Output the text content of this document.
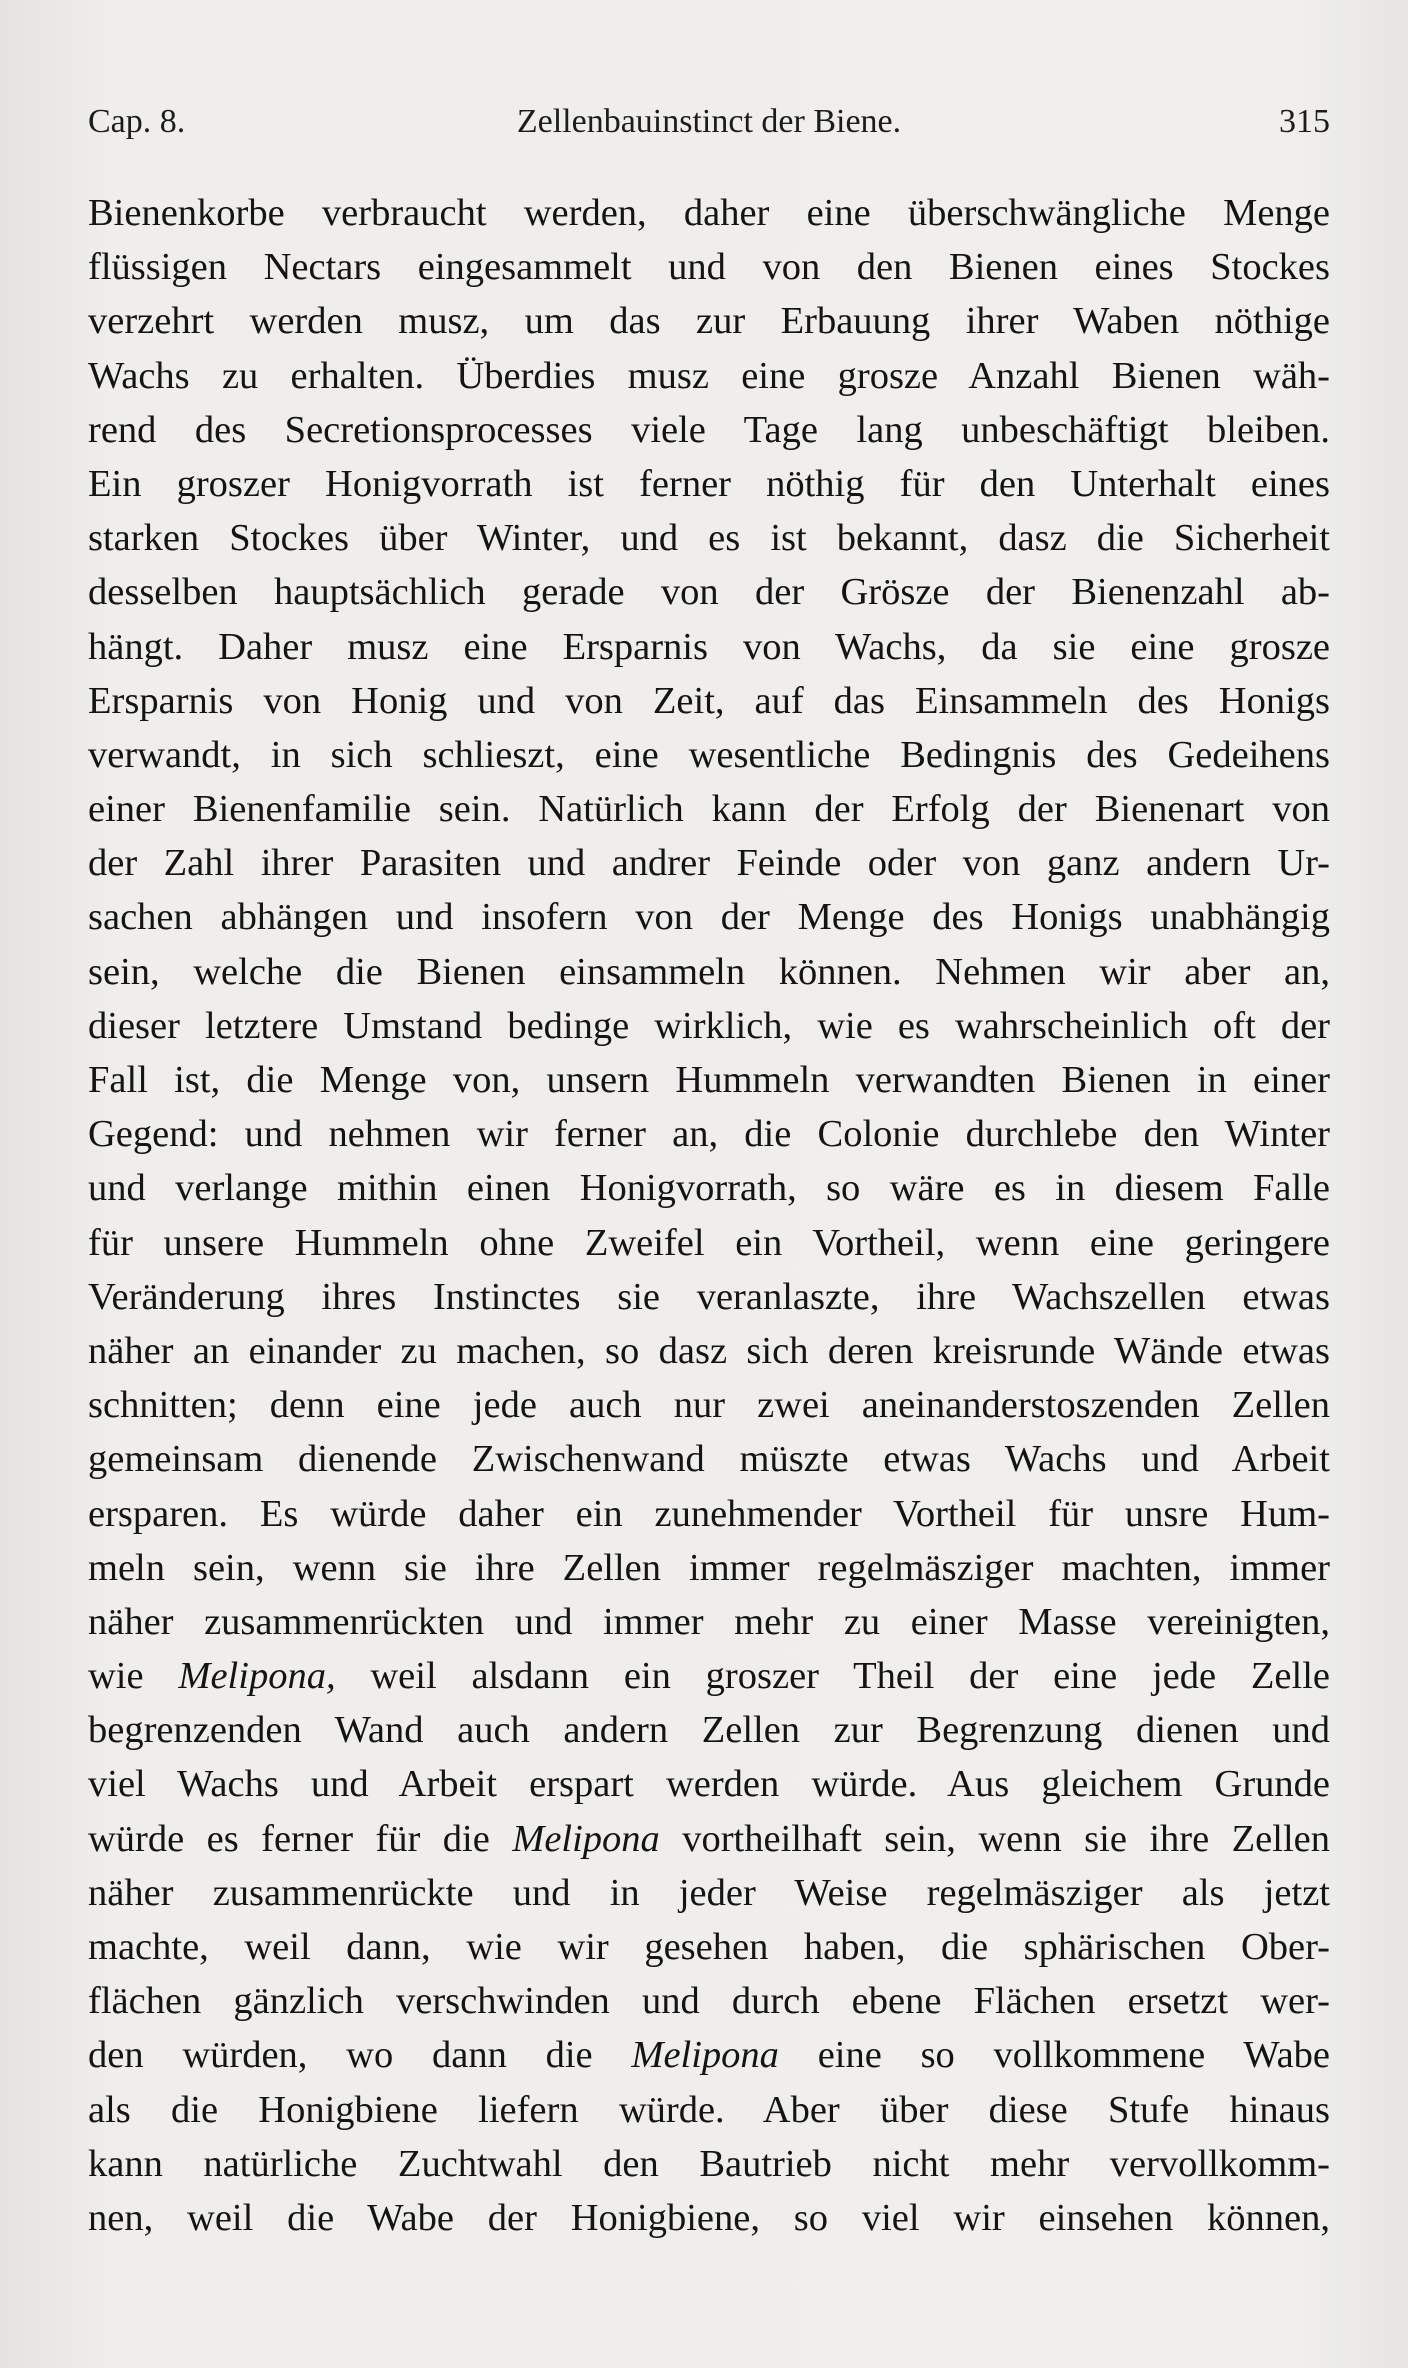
Cap. 8.	Zellenbauinstinct der Biene.	315
Bienenkorbe verbraucht werden, daher eine überschwängliche Menge
flüssigen Nectars eingesammelt und von den Bienen eines Stockes
verzehrt werden musz, um das zur Erbauung ihrer Waben nöthige
Wachs zu erhalten. Überdies musz eine grosze Anzahl Bienen wäh-
rend des Secretionsprocesses viele Tage lang unbeschäftigt bleiben.
Ein groszer Honigvorrath ist ferner nöthig für den Unterhalt eines
starken Stockes über Winter, und es ist bekannt, dasz die Sicherheit
desselben hauptsächlich gerade von der Grösze der Bienenzahl ab-
hängt. Daher musz eine Ersparnis von Wachs, da sie eine grosze
Ersparnis von Honig und von Zeit, auf das Einsammeln des Honigs
verwandt, in sich schlieszt, eine wesentliche Bedingnis des Gedeihens
einer Bienenfamilie sein. Natürlich kann der Erfolg der Bienenart von
der Zahl ihrer Parasiten und andrer Feinde oder von ganz andern Ur-
sachen abhängen und insofern von der Menge des Honigs unabhängig
sein, welche die Bienen einsammeln können. Nehmen wir aber an,
dieser letztere Umstand bedinge wirklich, wie es wahrscheinlich oft der
Fall ist, die Menge von, unsern Hummeln verwandten Bienen in einer
Gegend: und nehmen wir ferner an, die Colonie durchlebe den Winter
und verlange mithin einen Honigvorrath, so wäre es in diesem Falle
für unsere Hummeln ohne Zweifel ein Vortheil, wenn eine geringere
Veränderung ihres Instinctes sie veranlaszte, ihre Wachszellen etwas
näher an einander zu machen, so dasz sich deren kreisrunde Wände etwas
schnitten; denn eine jede auch nur zwei aneinanderstoszenden Zellen
gemeinsam dienende Zwischenwand müszte etwas Wachs und Arbeit
ersparen. Es würde daher ein zunehmender Vortheil für unsre Hum-
meln sein, wenn sie ihre Zellen immer regelmäsziger machten, immer
näher zusammenrückten und immer mehr zu einer Masse vereinigten,
wie Melipona, weil alsdann ein groszer Theil der eine jede Zelle
begrenzenden Wand auch andern Zellen zur Begrenzung dienen und
viel Wachs und Arbeit erspart werden würde. Aus gleichem Grunde
würde es ferner für die Melipona vortheilhaft sein, wenn sie ihre Zellen
näher zusammenrückte und in jeder Weise regelmäsziger als jetzt
machte, weil dann, wie wir gesehen haben, die sphärischen Ober-
flächen gänzlich verschwinden und durch ebene Flächen ersetzt wer-
den würden, wo dann die Melipona eine so vollkommene Wabe
als die Honigbiene liefern würde. Aber über diese Stufe hinaus
kann natürliche Zuchtwahl den Bautrieb nicht mehr vervollkomm-
nen, weil die Wabe der Honigbiene, so viel wir einsehen können,
